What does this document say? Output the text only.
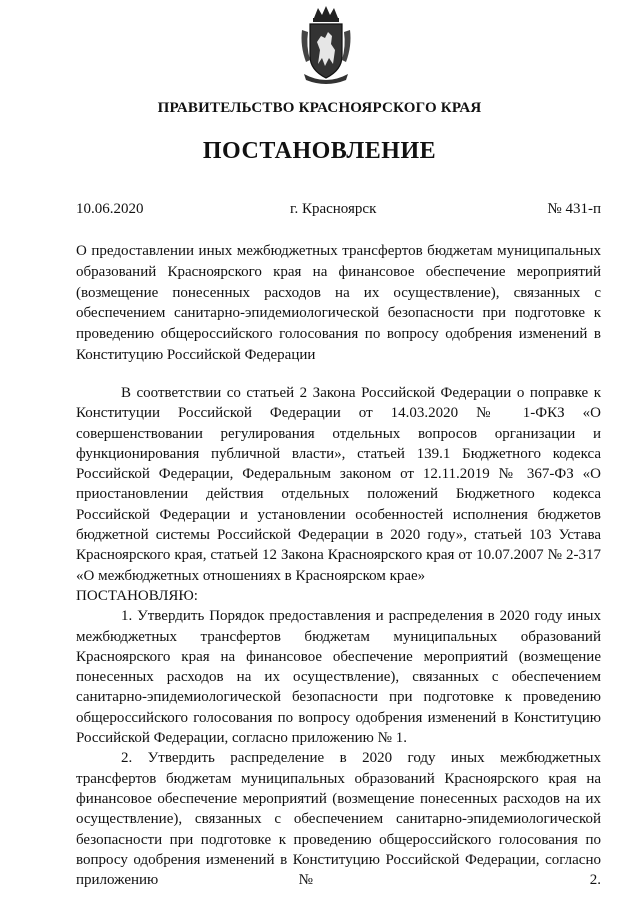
ПРАВИТЕЛЬСТВО КРАСНОЯРСКОГО КРАЯ
ПОСТАНОВЛЕНИЕ
10.06.2020	г. Красноярск	№ 431-п

О предоставлении иных межбюджетных трансфертов бюджетам муниципальных образований Красноярского края на финансовое обеспечение мероприятий (возмещение понесенных расходов на их осуществление), связанных с обеспечением санитарно-эпидемиологической безопасности при подготовке к проведению общероссийского голосования по вопросу одобрения изменений в Конституцию Российской Федерации

В соответствии со статьей 2 Закона Российской Федерации о поправке к Конституции Российской Федерации от 14.03.2020 № 1-ФКЗ «О совершенствовании регулирования отдельных вопросов организации и функционирования публичной власти», статьей 139.1 Бюджетного кодекса Российской Федерации, Федеральным законом от 12.11.2019 № 367-ФЗ «О приостановлении действия отдельных положений Бюджетного кодекса Российской Федерации и установлении особенностей исполнения бюджетов бюджетной системы Российской Федерации в 2020 году», статьей 103 Устава Красноярского края, статьей 12 Закона Красноярского края от 10.07.2007 № 2-317 «О межбюджетных отношениях в Красноярском крае»

ПОСТАНОВЛЯЮ:

1. Утвердить Порядок предоставления и распределения в 2020 году иных межбюджетных трансфертов бюджетам муниципальных образований Красноярского края на финансовое обеспечение мероприятий (возмещение понесенных расходов на их осуществление), связанных с обеспечением санитарно-эпидемиологической безопасности при подготовке к проведению общероссийского голосования по вопросу одобрения изменений в Конституцию Российской Федерации, согласно приложению № 1.

2. Утвердить распределение в 2020 году иных межбюджетных трансфертов бюджетам муниципальных образований Красноярского края на финансовое обеспечение мероприятий (возмещение понесенных расходов на их осуществление), связанных с обеспечением санитарно-эпидемиологической безопасности при подготовке к проведению общероссийского голосования по вопросу одобрения изменений в Конституцию Российской Федерации, согласно приложению № 2.
